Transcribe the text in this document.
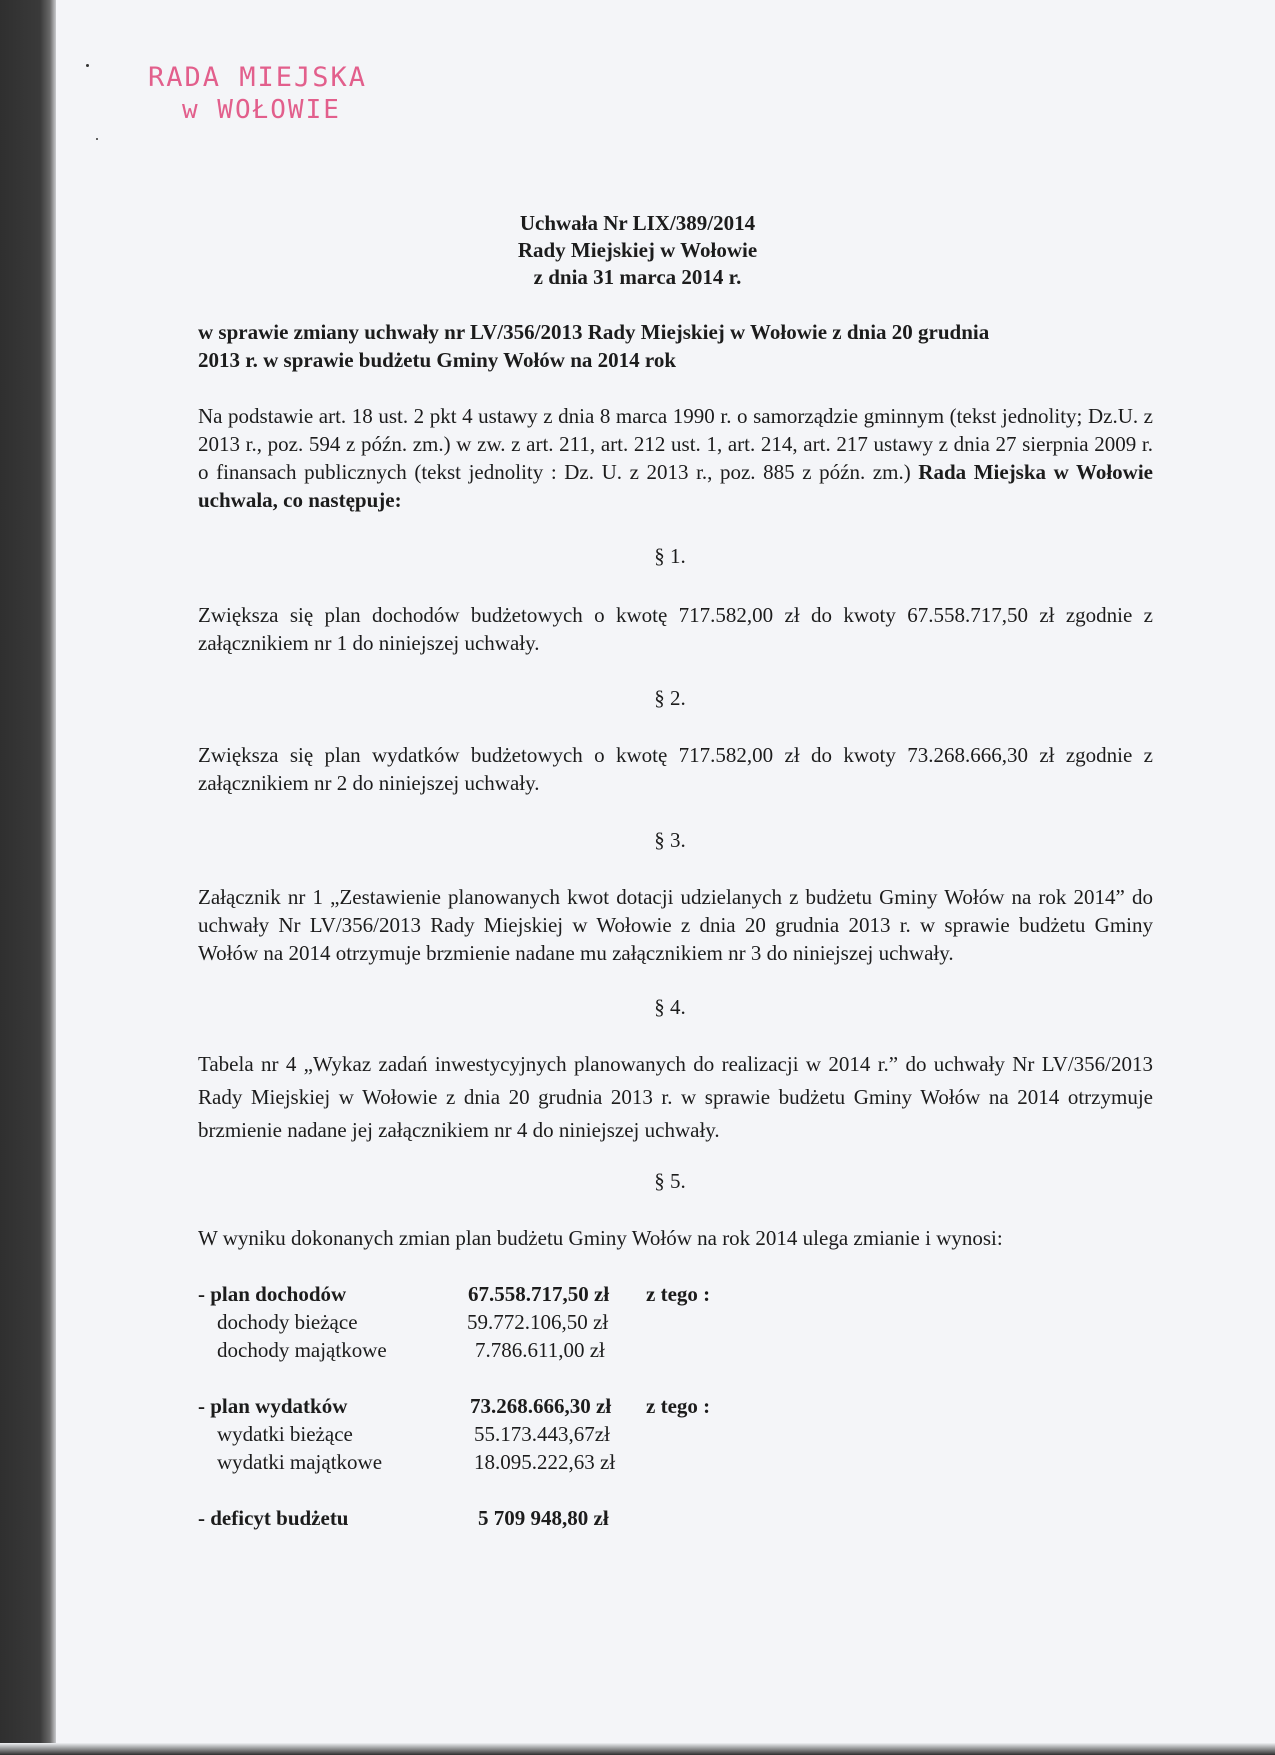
RADA MIEJSKA
w WOŁOWIE
Uchwała Nr LIX/389/2014
Rady Miejskiej w Wołowie
z dnia 31 marca 2014 r.
w sprawie zmiany uchwały nr LV/356/2013 Rady Miejskiej w Wołowie z dnia 20 grudnia
2013 r. w sprawie budżetu Gminy Wołów na 2014 rok
Na podstawie art. 18 ust. 2 pkt 4 ustawy z dnia 8 marca 1990 r. o samorządzie gminnym (tekst jednolity; Dz.U. z 2013 r., poz. 594 z późn. zm.) w zw. z art. 211, art. 212 ust. 1, art. 214, art. 217 ustawy z dnia 27 sierpnia 2009 r. o finansach publicznych (tekst jednolity : Dz. U. z 2013 r., poz. 885 z późn. zm.) Rada Miejska w Wołowie uchwala, co następuje:
§ 1.
Zwiększa się plan dochodów budżetowych o kwotę 717.582,00 zł do kwoty 67.558.717,50 zł zgodnie z załącznikiem nr 1 do niniejszej uchwały.
§ 2.
Zwiększa się plan wydatków budżetowych o kwotę 717.582,00 zł do kwoty 73.268.666,30 zł zgodnie z załącznikiem nr 2 do niniejszej uchwały.
§ 3.
Załącznik nr 1 „Zestawienie planowanych kwot dotacji udzielanych z budżetu Gminy Wołów na rok 2014” do uchwały Nr LV/356/2013 Rady Miejskiej w Wołowie z dnia 20 grudnia 2013 r. w sprawie budżetu Gminy Wołów na 2014 otrzymuje brzmienie nadane mu załącznikiem nr 3 do niniejszej uchwały.
§ 4.
Tabela nr 4 „Wykaz zadań inwestycyjnych planowanych do realizacji w 2014 r.” do uchwały Nr LV/356/2013 Rady Miejskiej w Wołowie z dnia 20 grudnia 2013 r. w sprawie budżetu Gminy Wołów na 2014 otrzymuje brzmienie nadane jej załącznikiem nr 4 do niniejszej uchwały.
§ 5.
W wyniku dokonanych zmian plan budżetu Gminy Wołów na rok 2014 ulega zmianie i wynosi:
- plan dochodów	67.558.717,50 zł z tego :
dochody bieżące	59.772.106,50 zł
dochody majątkowe	7.786.611,00 zł
- plan wydatków	73.268.666,30 zł z tego :
wydatki bieżące	55.173.443,67zł
wydatki majątkowe	18.095.222,63 zł
- deficyt budżetu	5 709 948,80 zł
